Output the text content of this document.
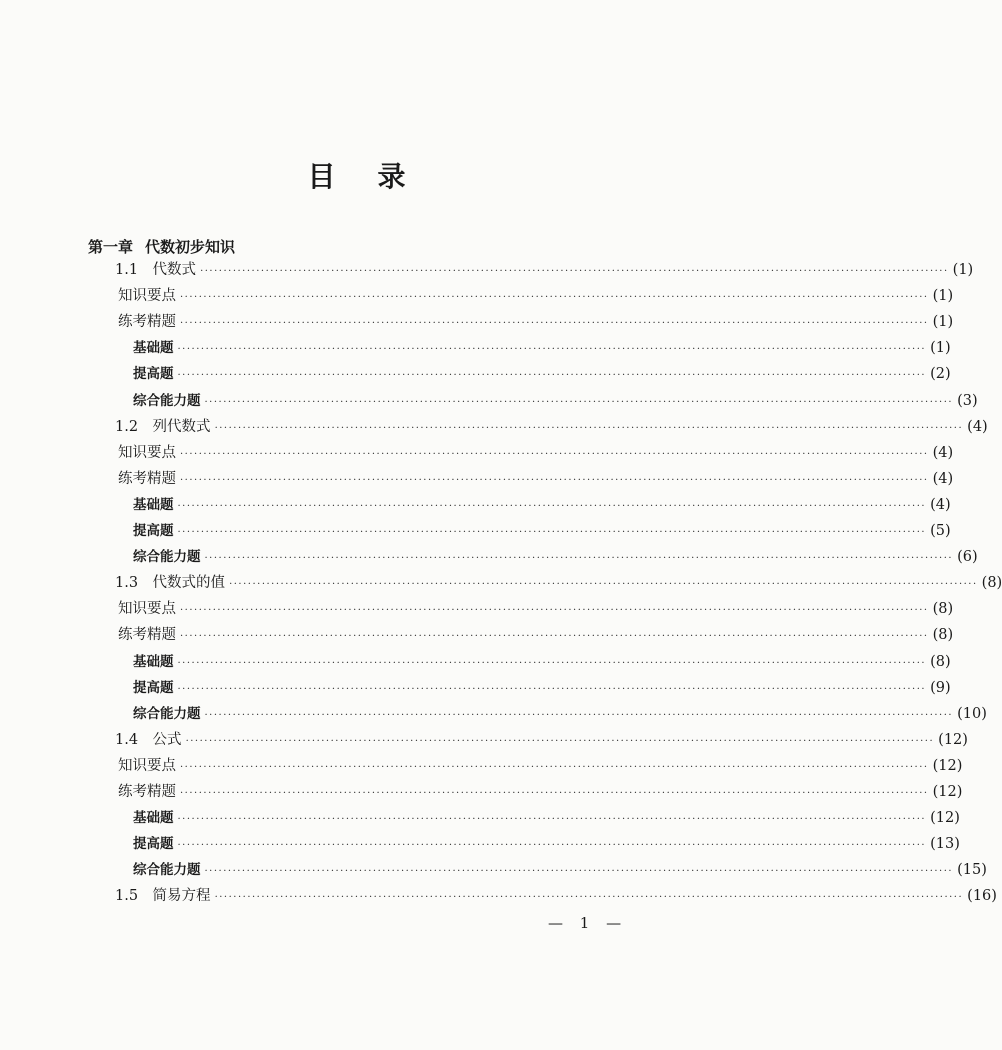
目 录
第一章 代数初步知识
1.1　代数式 ································································································································································ (1)
知识要点 ································································································································································ (1)
练考精题 ································································································································································ (1)
基础题 ································································································································································ (1)
提高题 ································································································································································ (2)
综合能力题 ································································································································································ (3)
1.2　列代数式 ································································································································································ (4)
知识要点 ································································································································································ (4)
练考精题 ································································································································································ (4)
基础题 ································································································································································ (4)
提高题 ································································································································································ (5)
综合能力题 ································································································································································ (6)
1.3　代数式的值 ································································································································································ (8)
知识要点 ································································································································································ (8)
练考精题 ································································································································································ (8)
基础题 ································································································································································ (8)
提高题 ································································································································································ (9)
综合能力题 ································································································································································ (10)
1.4　公式 ································································································································································ (12)
知识要点 ································································································································································ (12)
练考精题 ································································································································································ (12)
基础题 ································································································································································ (12)
提高题 ································································································································································ (13)
综合能力题 ································································································································································ (15)
1.5　简易方程 ································································································································································ (16)
— 1 —
